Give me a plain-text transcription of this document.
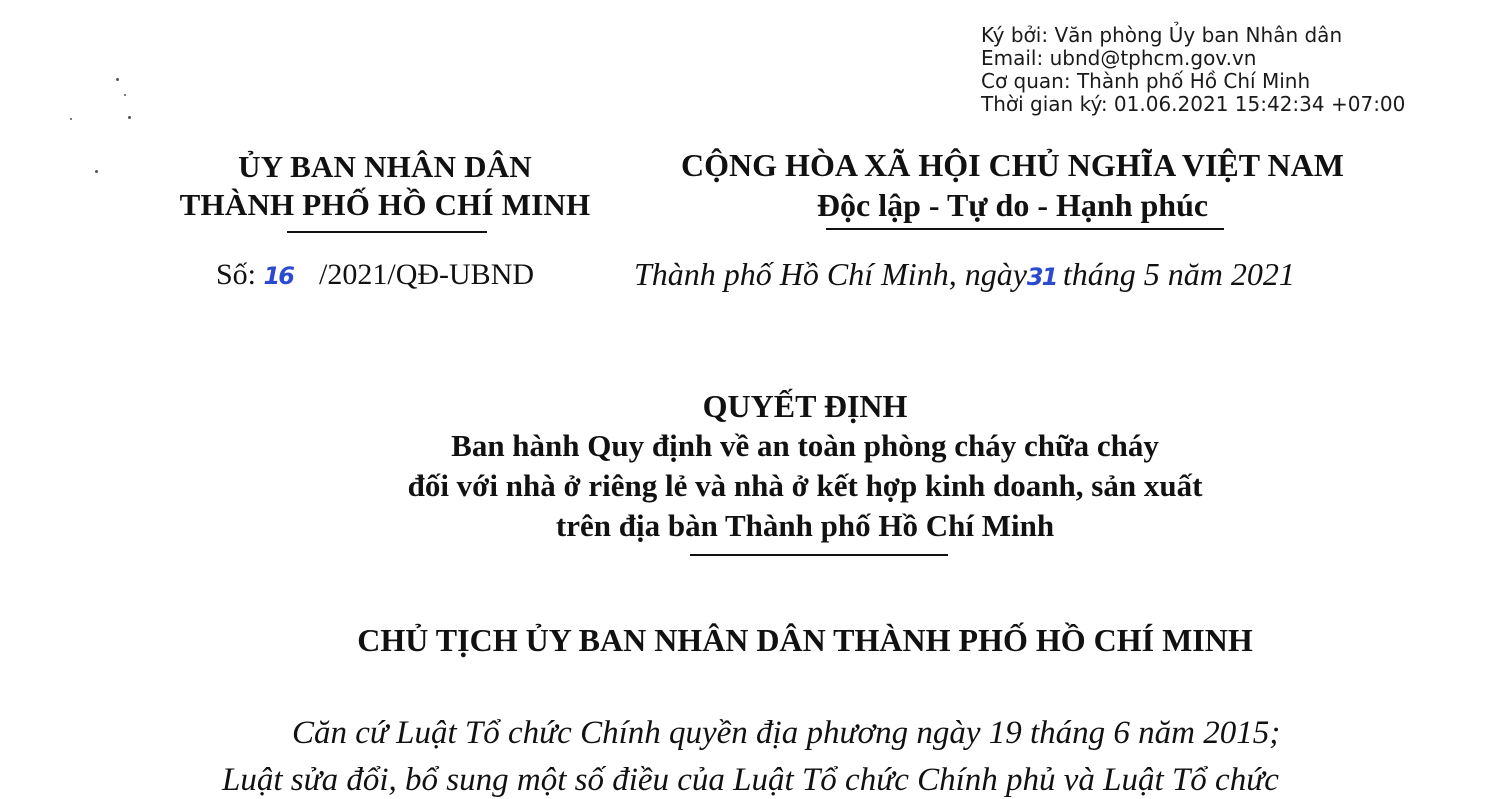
Ký bởi: Văn phòng Ủy ban Nhân dân
Email: ubnd@tphcm.gov.vn
Cơ quan: Thành phố Hồ Chí Minh
Thời gian ký: 01.06.2021 15:42:34 +07:00
ỦY BAN NHÂN DÂN
THÀNH PHỐ HỒ CHÍ MINH
CỘNG HÒA XÃ HỘI CHỦ NGHĨA VIỆT NAM
Độc lập - Tự do - Hạnh phúc
Số: 16 /2021/QĐ-UBND	Thành phố Hồ Chí Minh, ngày31 tháng 5 năm 2021
QUYẾT ĐỊNH
Ban hành Quy định về an toàn phòng cháy chữa cháy
đối với nhà ở riêng lẻ và nhà ở kết hợp kinh doanh, sản xuất
trên địa bàn Thành phố Hồ Chí Minh
CHỦ TỊCH ỦY BAN NHÂN DÂN THÀNH PHỐ HỒ CHÍ MINH
Căn cứ Luật Tổ chức Chính quyền địa phương ngày 19 tháng 6 năm 2015;
Luật sửa đổi, bổ sung một số điều của Luật Tổ chức Chính phủ và Luật Tổ chức
